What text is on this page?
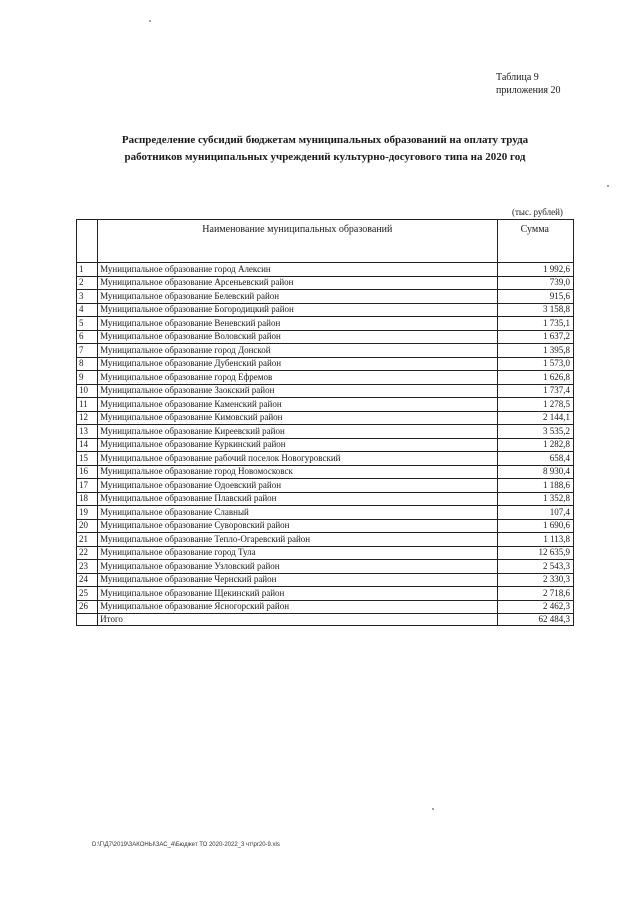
Таблица 9
приложения 20
Распределение субсидий бюджетам муниципальных образований на оплату труда
работников муниципальных учреждений культурно-досугового типа на 2020 год
(тыс. рублей)
	Наименование муниципальных образований	Сумма
1	Муниципальное образование город Алексин	1 992,6
2	Муниципальное образование Арсеньевский район	739,0
3	Муниципальное образование Белевский район	915,6
4	Муниципальное образование Богородицкий район	3 158,8
5	Муниципальное образование Веневский район	1 735,1
6	Муниципальное образование Воловский район	1 637,2
7	Муниципальное образование город Донской	1 395,8
8	Муниципальное образование Дубенский район	1 573,0
9	Муниципальное образование город Ефремов	1 626,8
10	Муниципальное образование Заокский район	1 737,4
11	Муниципальное образование Каменский район	1 278,5
12	Муниципальное образование Кимовский район	2 144,1
13	Муниципальное образование Киреевский район	3 535,2
14	Муниципальное образование Куркинский район	1 282,8
15	Муниципальное образование рабочий поселок Новогуровский	658,4
16	Муниципальное образование город Новомосковск	8 930,4
17	Муниципальное образование Одоевский район	1 188,6
18	Муниципальное образование Плавский район	1 352,8
19	Муниципальное образование Славный	107,4
20	Муниципальное образование Суворовский район	1 690,6
21	Муниципальное образование Тепло-Огаревский район	1 113,8
22	Муниципальное образование город Тула	12 635,9
23	Муниципальное образование Узловский район	2 543,3
24	Муниципальное образование Чернский район	2 330,3
25	Муниципальное образование Щекинский район	2 718,6
26	Муниципальное образование Ясногорский район	2 462,3
	Итого	62 484,3
D:\Г\Д7\2019\ЗАКОНЫ\ЗАС_4\Бюджет ТО 2020-2022_3 чт\pr20-9.xls
